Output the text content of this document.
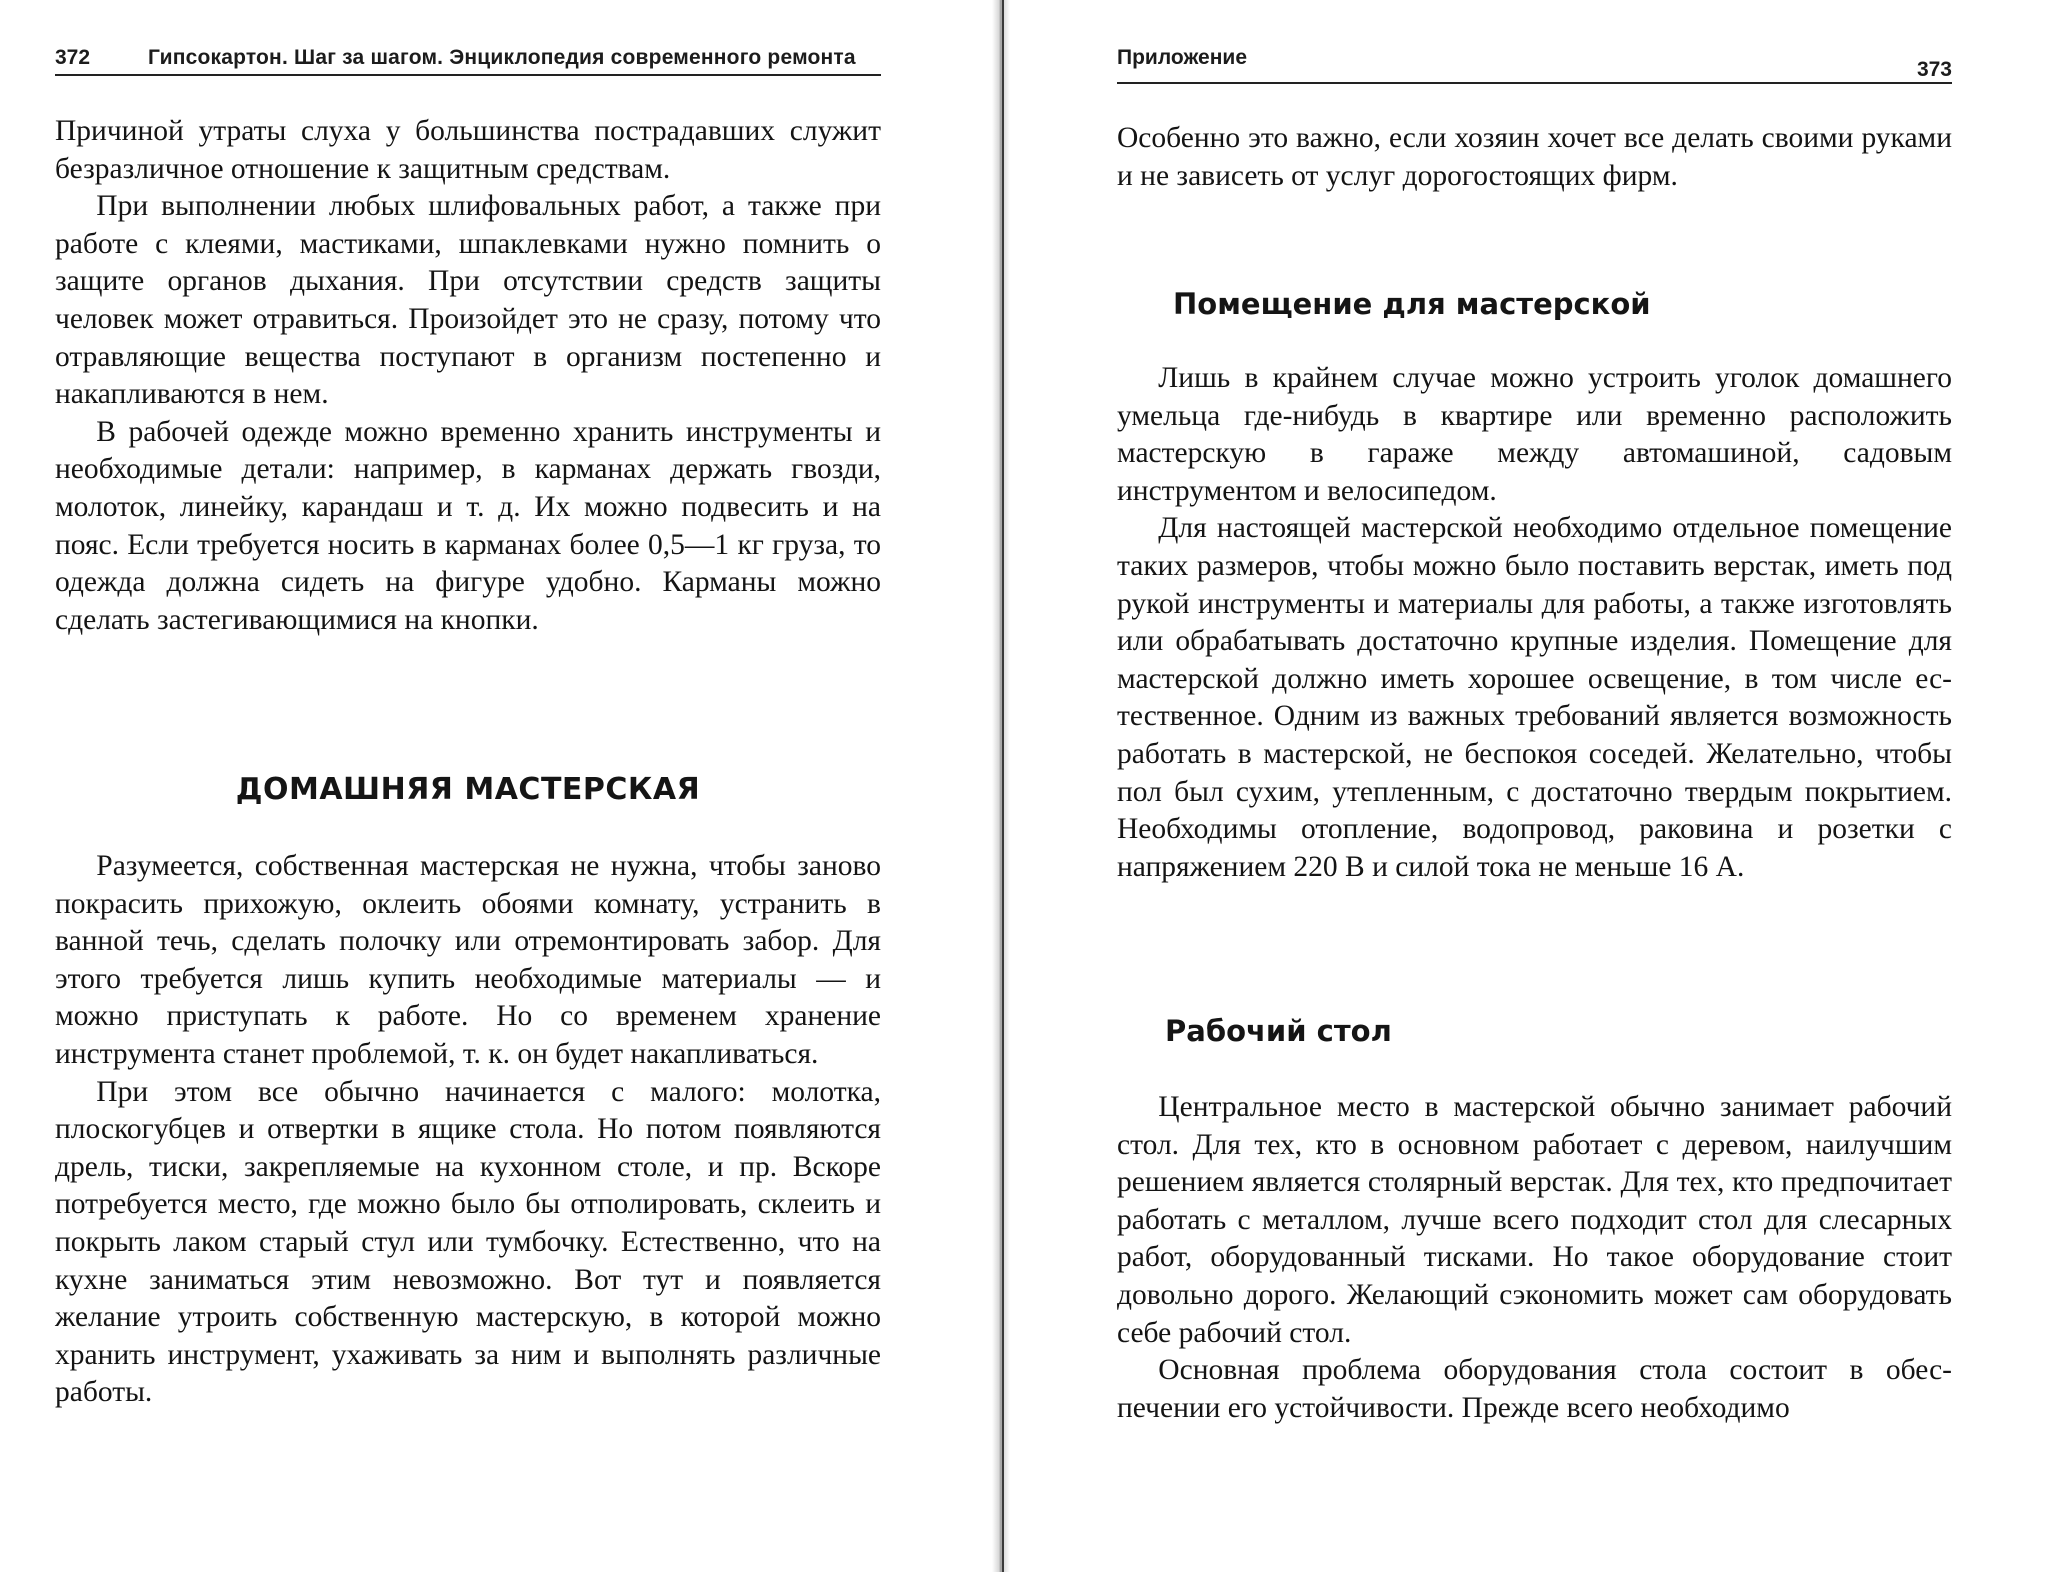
372	Гипсокартон. Шаг за шагом. Энциклопедия современного ремонта

Причиной утраты слуха у большинства пострадавших служит безразличное отношение к защитным средствам.

При выполнении любых шлифовальных работ, а также при работе с клеями, мастиками, шпаклевками нужно помнить о защите органов дыхания. При отсутствии средств защиты человек может отравиться. Произойдет это не сразу, потому что отравляющие вещества поступают в организм постепенно и накапливаются в нем.

В рабочей одежде можно временно хранить инструменты и необходимые детали: например, в карманах держать гвозди, молоток, линейку, карандаш и т. д. Их можно подвесить и на пояс. Если требуется носить в карманах более 0,5—1 кг груза, то одежда должна сидеть на фигуре удобно. Карманы можно сделать застегивающимися на кнопки.

ДОМАШНЯЯ МАСТЕРСКАЯ

Разумеется, собственная мастерская не нужна, чтобы заново покрасить прихожую, оклеить обоями комнату, устранить в ванной течь, сделать полочку или отремонтировать забор. Для этого требуется лишь купить необходимые материалы — и можно приступать к работе. Но со временем хранение инструмента станет проблемой, т. к. он будет накапливаться.

При этом все обычно начинается с малого: молотка, плоскогубцев и отвертки в ящике стола. Но потом появляются дрель, тиски, закрепляемые на кухонном столе, и пр. Вскоре потребуется место, где можно было бы отполировать, склеить и покрыть лаком старый стул или тумбочку. Естественно, что на кухне заниматься этим невозможно. Вот тут и появляется желание утроить собственную мастерскую, в которой можно хранить инструмент, ухаживать за ним и выполнять различные работы.

Приложение
373

Особенно это важно, если хозяин хочет все делать своими руками и не зависеть от услуг дорогостоящих фирм.

Помещение для мастерской

Лишь в крайнем случае можно устроить уголок домашнего умельца где-нибудь в квартире или временно расположить мастерскую в гараже между автомашиной, садовым инструментом и велосипедом.

Для настоящей мастерской необходимо отдельное помещение таких размеров, чтобы можно было поставить верстак, иметь под рукой инструменты и материалы для работы, а также изготовлять или обрабатывать достаточно крупные изделия. Помещение для мастерской должно иметь хорошее освещение, в том числе естественное. Одним из важных требований является возможность работать в мастерской, не беспокоя соседей. Желательно, чтобы пол был сухим, утепленным, с достаточно твердым покрытием. Необходимы отопление, водопровод, раковина и розетки с напряжением 220 В и силой тока не меньше 16 А.

Рабочий стол

Центральное место в мастерской обычно занимает рабочий стол. Для тех, кто в основном работает с деревом, наилучшим решением является столярный верстак. Для тех, кто предпочитает работать с металлом, лучше всего подходит стол для слесарных работ, оборудованный тисками. Но такое оборудование стоит довольно дорого. Желающий сэкономить может сам оборудовать себе рабочий стол.

Основная проблема оборудования стола состоит в обеспечении его устойчивости. Прежде всего необходимо
